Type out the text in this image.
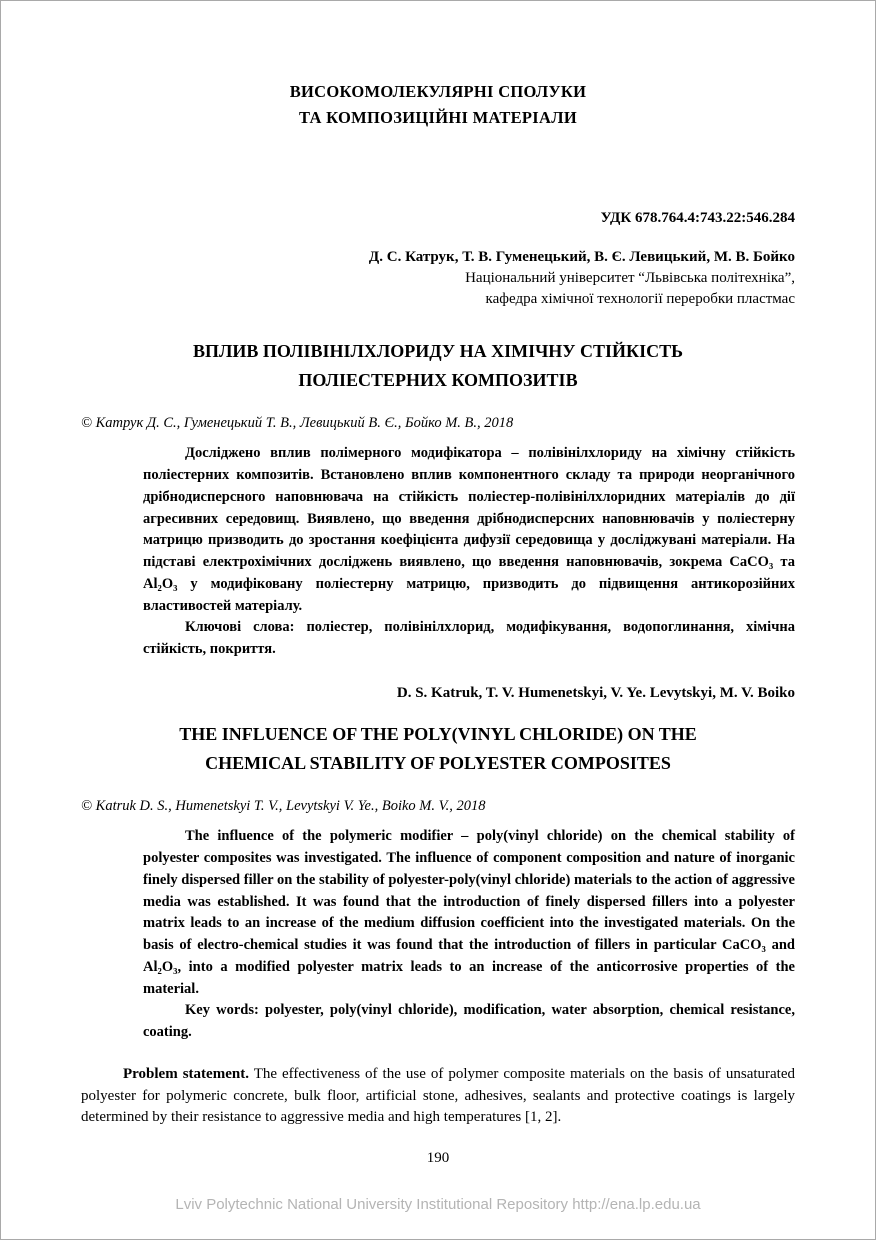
ВИСОКОМОЛЕКУЛЯРНІ СПОЛУКИ
ТА КОМПОЗИЦІЙНІ МАТЕРІАЛИ
УДК 678.764.4:743.22:546.284
Д. С. Катрук, Т. В. Гуменецький, В. Є. Левицький, М. В. Бойко
Національний університет “Львівська політехніка”,
кафедра хімічної технології переробки пластмас
ВПЛИВ ПОЛІВІНІЛХЛОРИДУ НА ХІМІЧНУ СТІЙКІСТЬ
ПОЛІЕСТЕРНИХ КОМПОЗИТІВ
© Катрук Д. С., Гуменецький Т. В., Левицький В. Є., Бойко М. В., 2018
Досліджено вплив полімерного модифікатора – полівінілхлориду на хімічну стійкість поліестерних композитів. Встановлено вплив компонентного складу та природи неорганічного дрібнодисперсного наповнювача на стійкість поліестер-полівінілхлоридних матеріалів до дії агресивних середовищ. Виявлено, що введення дрібнодисперсних наповнювачів у поліестерну матрицю призводить до зростання коефіцієнта дифузії середовища у досліджувані матеріали. На підставі електрохімічних досліджень виявлено, що введення наповнювачів, зокрема CaCO₃ та Al₂O₃ у модифіковану поліестерну матрицю, призводить до підвищення антикорозійних властивостей матеріалу.
Ключові слова: поліестер, полівінілхлорид, модифікування, водопоглинання, хімічна стійкість, покриття.
D. S. Katruk, T. V. Humenetskyi, V. Ye. Levytskyi, M. V. Boiko
THE INFLUENCE OF THE POLY(VINYL CHLORIDE) ON THE
CHEMICAL STABILITY OF POLYESTER COMPOSITES
© Katruk D. S., Humenetskyi T. V., Levytskyi V. Ye., Boiko M. V., 2018
The influence of the polymeric modifier – poly(vinyl chloride) on the chemical stability of polyester composites was investigated. The influence of component composition and nature of inorganic finely dispersed filler on the stability of polyester-poly(vinyl chloride) materials to the action of aggressive media was established. It was found that the introduction of finely dispersed fillers into a polyester matrix leads to an increase of the medium diffusion coefficient into the investigated materials. On the basis of electro-chemical studies it was found that the introduction of fillers in particular CaCO₃ and Al₂O₃, into a modified polyester matrix leads to an increase of the anticorrosive properties of the material.
Key words: polyester, poly(vinyl chloride), modification, water absorption, chemical resistance, coating.
Problem statement. The effectiveness of the use of polymer composite materials on the basis of unsaturated polyester for polymeric concrete, bulk floor, artificial stone, adhesives, sealants and protective coatings is largely determined by their resistance to aggressive media and high temperatures [1, 2].
190
Lviv Polytechnic National University Institutional Repository http://ena.lp.edu.ua
